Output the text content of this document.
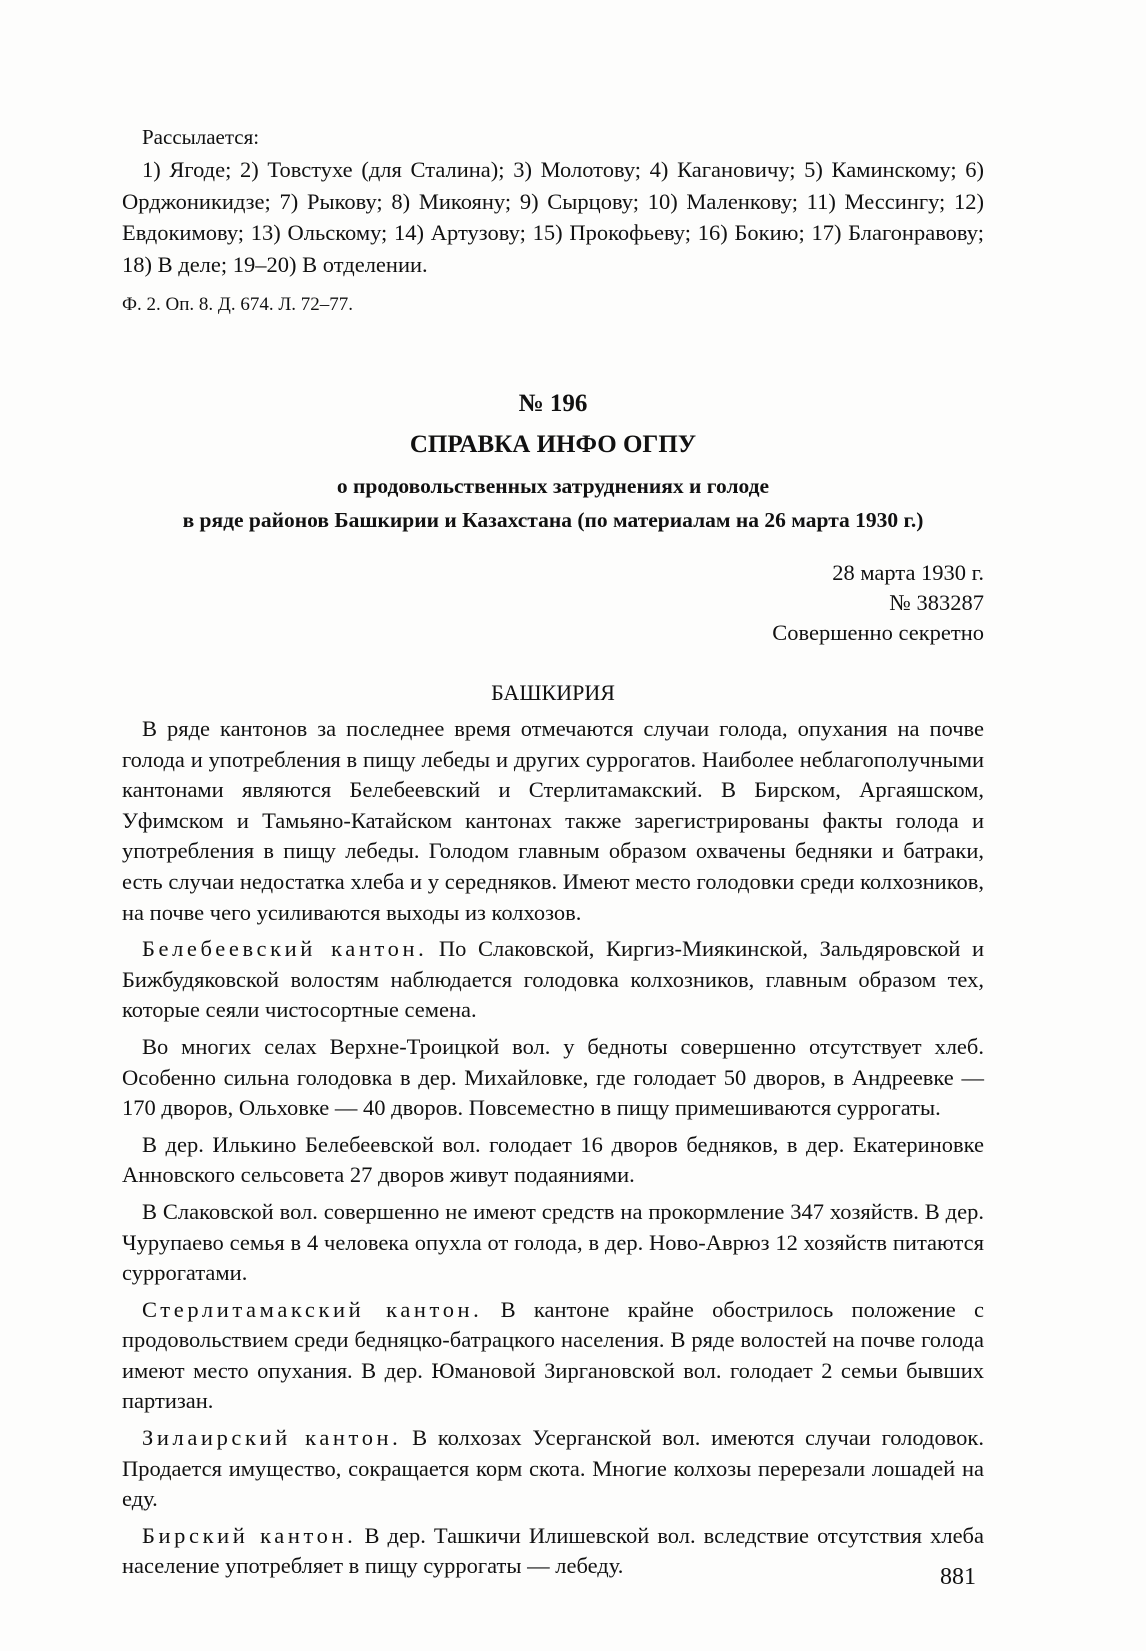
Рассылается:
1) Ягоде; 2) Товстухе (для Сталина); 3) Молотову; 4) Кагановичу; 5) Каминскому; 6) Орджоникидзе; 7) Рыкову; 8) Микояну; 9) Сырцову; 10) Маленкову; 11) Мессингу; 12) Евдокимову; 13) Ольскому; 14) Артузову; 15) Прокофьеву; 16) Бокию; 17) Благонравову; 18) В деле; 19–20) В отделении.
Ф. 2. Оп. 8. Д. 674. Л. 72–77.
№ 196
СПРАВКА ИНФО ОГПУ
о продовольственных затруднениях и голоде
в ряде районов Башкирии и Казахстана (по материалам на 26 марта 1930 г.)
28 марта 1930 г.
№ 383287
Совершенно секретно
БАШКИРИЯ

В ряде кантонов за последнее время отмечаются случаи голода, опухания на почве голода и употребления в пищу лебеды и других суррогатов. Наиболее неблагополучными кантонами являются Белебеевский и Стерлитамакский. В Бирском, Аргаяшском, Уфимском и Тамьяно-Катайском кантонах также зарегистрированы факты голода и употребления в пищу лебеды. Голодом главным образом охвачены бедняки и батраки, есть случаи недостатка хлеба и у середняков. Имеют место голодовки среди колхозников, на почве чего усиливаются выходы из колхозов.

Белебеевский кантон. По Слаковской, Киргиз-Миякинской, Зальдяровской и Бижбудяковской волостям наблюдается голодовка колхозников, главным образом тех, которые сеяли чистосортные семена.

Во многих селах Верхне-Троицкой вол. у бедноты совершенно отсутствует хлеб. Особенно сильна голодовка в дер. Михайловке, где голодает 50 дворов, в Андреевке — 170 дворов, Ольховке — 40 дворов. Повсеместно в пищу примешиваются суррогаты.

В дер. Илькино Белебеевской вол. голодает 16 дворов бедняков, в дер. Екатериновке Анновского сельсовета 27 дворов живут подаяниями.

В Слаковской вол. совершенно не имеют средств на прокормление 347 хозяйств. В дер. Чурупаево семья в 4 человека опухла от голода, в дер. Ново-Аврюз 12 хозяйств питаются суррогатами.

Стерлитамакский кантон. В кантоне крайне обострилось положение с продовольствием среди бедняцко-батрацкого населения. В ряде волостей на почве голода имеют место опухания. В дер. Юмановой Зиргановской вол. голодает 2 семьи бывших партизан.

Зилаирский кантон. В колхозах Усерганской вол. имеются случаи голодовок. Продается имущество, сокращается корм скота. Многие колхозы перерезали лошадей на еду.

Бирский кантон. В дер. Ташкичи Илишевской вол. вследствие отсутствия хлеба население употребляет в пищу суррогаты — лебеду.	881
